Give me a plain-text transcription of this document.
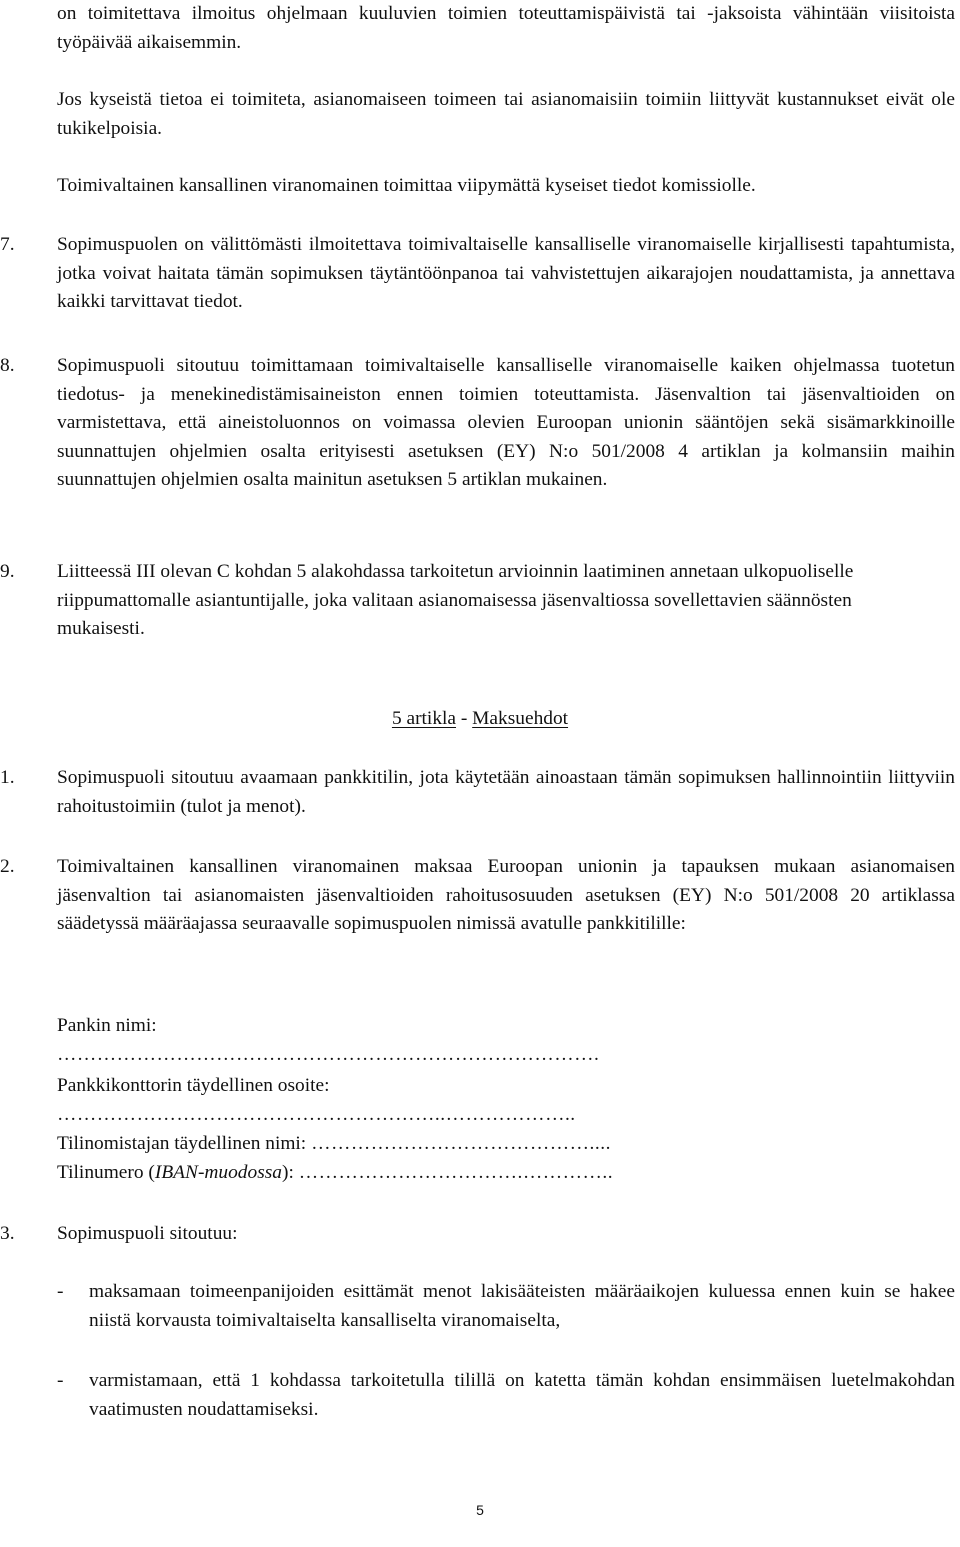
on toimitettava ilmoitus ohjelmaan kuuluvien toimien toteuttamispäivistä tai -jaksoista vähintään viisitoista työpäivää aikaisemmin.
Jos kyseistä tietoa ei toimiteta, asianomaiseen toimeen tai asianomaisiin toimiin liittyvät kustannukset eivät ole tukikelpoisia.
Toimivaltainen kansallinen viranomainen toimittaa viipymättä kyseiset tiedot komissiolle.
7. Sopimuspuolen on välittömästi ilmoitettava toimivaltaiselle kansalliselle viranomaiselle kirjallisesti tapahtumista, jotka voivat haitata tämän sopimuksen täytäntöönpanoa tai vahvistettujen aikarajojen noudattamista, ja annettava kaikki tarvittavat tiedot.
8. Sopimuspuoli sitoutuu toimittamaan toimivaltaiselle kansalliselle viranomaiselle kaiken ohjelmassa tuotetun tiedotus- ja menekinedistämisaineiston ennen toimien toteuttamista. Jäsenvaltion tai jäsenvaltioiden on varmistettava, että aineistoluonnos on voimassa olevien Euroopan unionin sääntöjen sekä sisämarkkinoille suunnattujen ohjelmien osalta erityisesti asetuksen (EY) N:o 501/2008 4 artiklan ja kolmansiin maihin suunnattujen ohjelmien osalta mainitun asetuksen 5 artiklan mukainen.
9. Liitteessä III olevan C kohdan 5 alakohdassa tarkoitetun arvioinnin laatiminen annetaan ulkopuoliselle riippumattomalle asiantuntijalle, joka valitaan asianomaisessa jäsenvaltiossa sovellettavien säännösten mukaisesti.
5 artikla - Maksuehdot
1. Sopimuspuoli sitoutuu avaamaan pankkitilin, jota käytetään ainoastaan tämän sopimuksen hallinnointiin liittyviin rahoitustoimiin (tulot ja menot).
2. Toimivaltainen kansallinen viranomainen maksaa Euroopan unionin ja tapauksen mukaan asianomaisen jäsenvaltion tai asianomaisten jäsenvaltioiden rahoitusosuuden asetuksen (EY) N:o 501/2008 20 artiklassa säädetyssä määräajassa seuraavalle sopimuspuolen nimissä avatulle pankkitilille:
Pankin nimi:
……………………………………………………………………….
Pankkikonttorin täydellinen osoite:
…………………………………………………..………………..
Tilinomistajan täydellinen nimi: ……………………………………....
Tilinumero (IBAN-muodossa): …………………………….…………..
3. Sopimuspuoli sitoutuu:
- maksamaan toimeenpanijoiden esittämät menot lakisääteisten määräaikojen kuluessa ennen kuin se hakee niistä korvausta toimivaltaiselta kansalliselta viranomaiselta,
- varmistamaan, että 1 kohdassa tarkoitetulla tilillä on katetta tämän kohdan ensimmäisen luetelmakohdan vaatimusten noudattamiseksi.
5
